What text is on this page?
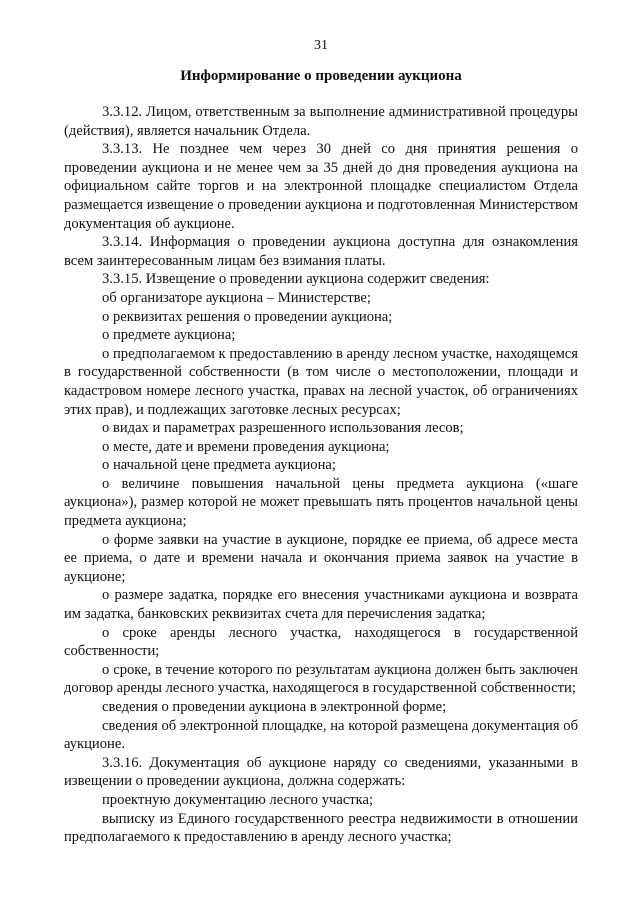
31
Информирование о проведении аукциона

3.3.12. Лицом, ответственным за выполнение административной процедуры (действия), является начальник Отдела.

3.3.13. Не позднее чем через 30 дней со дня принятия решения о проведении аукциона и не менее чем за 35 дней до дня проведения аукциона на официальном сайте торгов и на электронной площадке специалистом Отдела размещается извещение о проведении аукциона и подготовленная Министерством документация об аукционе.

3.3.14. Информация о проведении аукциона доступна для ознакомления всем заинтересованным лицам без взимания платы.

3.3.15. Извещение о проведении аукциона содержит сведения:

об организаторе аукциона – Министерстве;

о реквизитах решения о проведении аукциона;

о предмете аукциона;

о предполагаемом к предоставлению в аренду лесном участке, находящемся в государственной собственности (в том числе о местоположении, площади и кадастровом номере лесного участка, правах на лесной участок, об ограничениях этих прав), и подлежащих заготовке лесных ресурсах;

о видах и параметрах разрешенного использования лесов;

о месте, дате и времени проведения аукциона;

о начальной цене предмета аукциона;

о величине повышения начальной цены предмета аукциона («шаге аукциона»), размер которой не может превышать пять процентов начальной цены предмета аукциона;

о форме заявки на участие в аукционе, порядке ее приема, об адресе места ее приема, о дате и времени начала и окончания приема заявок на участие в аукционе;

о размере задатка, порядке его внесения участниками аукциона и возврата им задатка, банковских реквизитах счета для перечисления задатка;

о сроке аренды лесного участка, находящегося в государственной собственности;

о сроке, в течение которого по результатам аукциона должен быть заключен договор аренды лесного участка, находящегося в государственной собственности;

сведения о проведении аукциона в электронной форме;

сведения об электронной площадке, на которой размещена документация об аукционе.

3.3.16. Документация об аукционе наряду со сведениями, указанными в извещении о проведении аукциона, должна содержать:

проектную документацию лесного участка;

выписку из Единого государственного реестра недвижимости в отношении предполагаемого к предоставлению в аренду лесного участка;
